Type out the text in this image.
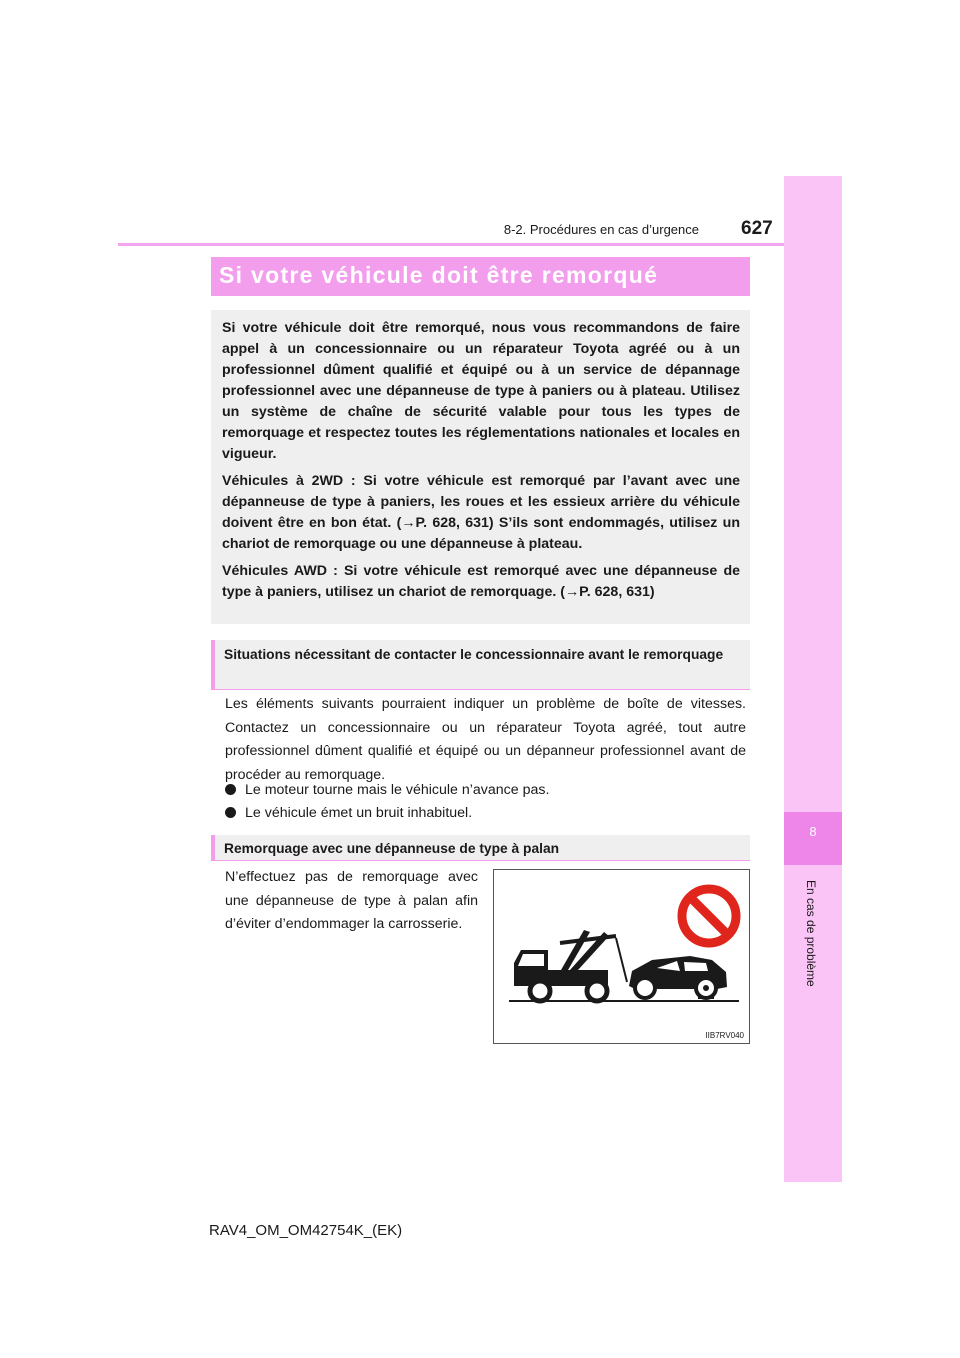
8-2. Procédures en cas d’urgence 627
8
En cas de problème
Si votre véhicule doit être remorqué

Si votre véhicule doit être remorqué, nous vous recommandons de faire appel à un concessionnaire ou un réparateur Toyota agréé ou à un professionnel dûment qualifié et équipé ou à un service de dépannage professionnel avec une dépanneuse de type à paniers ou à plateau. Utilisez un système de chaîne de sécurité valable pour tous les types de remorquage et respectez toutes les réglementations nationales et locales en vigueur.

Véhicules à 2WD : Si votre véhicule est remorqué par l’avant avec une dépanneuse de type à paniers, les roues et les essieux arrière du véhicule doivent être en bon état. (→P. 628, 631) S’ils sont endommagés, utilisez un chariot de remorquage ou une dépanneuse à plateau.

Véhicules AWD : Si votre véhicule est remorqué avec une dépanneuse de type à paniers, utilisez un chariot de remorquage. (→P. 628, 631)

Situations nécessitant de contacter le concessionnaire avant le remorquage
Les éléments suivants pourraient indiquer un problème de boîte de vitesses. Contactez un concessionnaire ou un réparateur Toyota agréé, tout autre professionnel dûment qualifié et équipé ou un dépanneur professionnel avant de procéder au remorquage.
Le moteur tourne mais le véhicule n’avance pas.
Le véhicule émet un bruit inhabituel.
Remorquage avec une dépanneuse de type à palan
N’effectuez pas de remorquage avec une dépanneuse de type à palan afin d’éviter d’endommager la carrosserie.
IIB7RV040
RAV4_OM_OM42754K_(EK)
